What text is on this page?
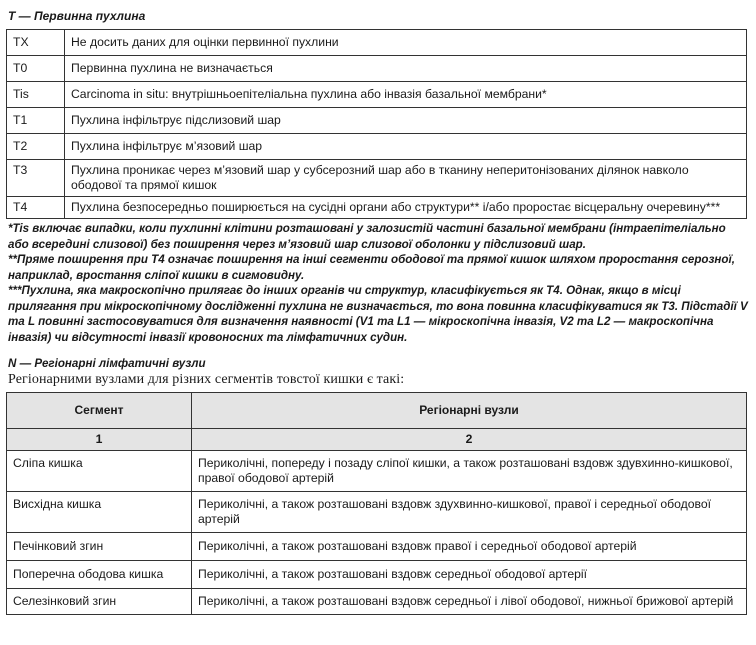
Т — Первинна пухлина
TX	Не досить даних для оцінки первинної пухлини
T0	Первинна пухлина не визначається
Tis	Carcinoma in situ: внутрішньоепітеліальна пухлина або інвазія базальної мембрани*
T1	Пухлина інфільтрує підслизовий шар
T2	Пухлина інфільтрує м’язовий шар
T3	Пухлина проникає через м’язовий шар у субсерозний шар або в тканину неперитонізованих ділянок навколо ободової та прямої кишок
T4	Пухлина безпосередньо поширюється на сусідні органи або структури** і/або проростає вісцеральну очеревину***

*Tis включає випадки, коли пухлинні клітини розташовані у залозистій частині базальної мембрани (інтраепітеліально або всередині слизової) без поширення через м’язовий шар слизової оболонки у підслизовий шар.

**Пряме поширення при Т4 означає поширення на інші сегменти ободової та прямої кишок шляхом проростання серозної, наприклад, вростання сліпої кишки в сигмовидну.

***Пухлина, яка макроскопічно прилягає до інших органів чи структур, класифікується як Т4. Однак, якщо в місці прилягання при мікроскопічному дослідженні пухлина не визначається, то вона повинна класифікуватися як Т3. Підстадії V та L повинні застосовуватися для визначення наявності (V1 та L1 — мікроскопічна інвазія, V2 та L2 — макроскопічна інвазія) чи відсутності інвазії кровоносних та лімфатичних судин.

N — Регіонарні лімфатичні вузли
Регіонарними вузлами для різних сегментів товстої кишки є такі:
Сегмент	Регіонарні вузли
1	2
Сліпа кишка	Периколічні, попереду і позаду сліпої кишки, а також розташовані вздовж здувхинно-кишкової, правої ободової артерій
Висхідна кишка	Периколічні, а також розташовані вздовж здухвинно-кишкової, правої і середньої ободової артерій
Печінковий згин	Периколічні, а також розташовані вздовж правої і середньої ободової артерій
Поперечна ободова кишка	Периколічні, а також розташовані вздовж середньої ободової артерії
Селезінковий згин	Периколічні, а також розташовані вздовж середньої і лівої ободової, нижньої брижової артерій
